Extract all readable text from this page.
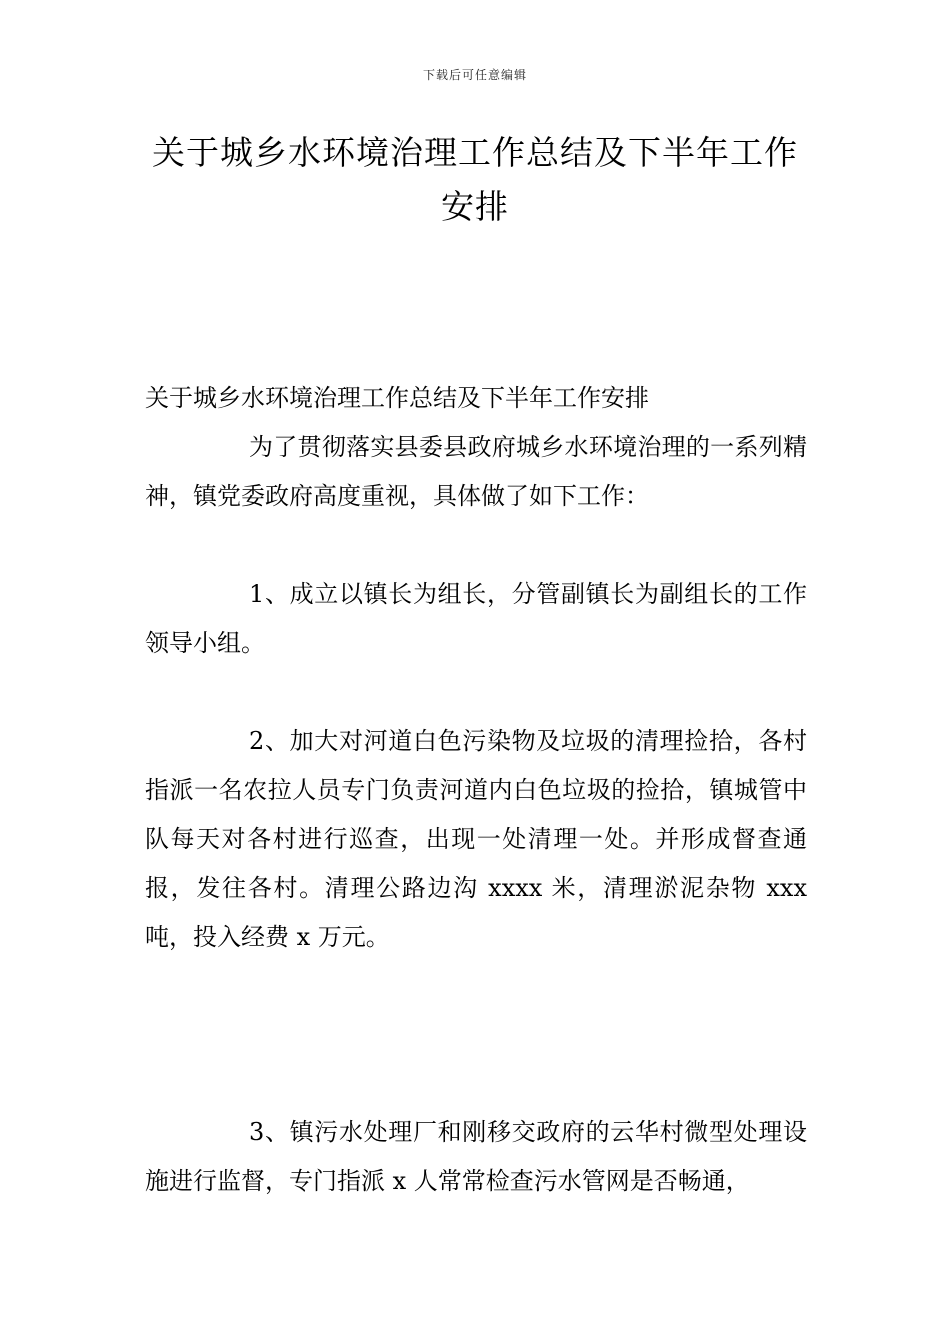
下载后可任意编辑
关于城乡水环境治理工作总结及下半年工作安排

关于城乡水环境治理工作总结及下半年工作安排

为了贯彻落实县委县政府城乡水环境治理的一系列精神，镇党委政府高度重视，具体做了如下工作：

1、成立以镇长为组长，分管副镇长为副组长的工作领导小组。

2、加大对河道白色污染物及垃圾的清理捡拾，各村指派一名农拉人员专门负责河道内白色垃圾的捡拾，镇城管中队每天对各村进行巡查，出现一处清理一处。并形成督查通报，发往各村。清理公路边沟 xxxx 米，清理淤泥杂物 xxx 吨，投入经费 x 万元。

3、镇污水处理厂和刚移交政府的云华村微型处理设施进行监督，专门指派 x 人常常检查污水管网是否畅通，
